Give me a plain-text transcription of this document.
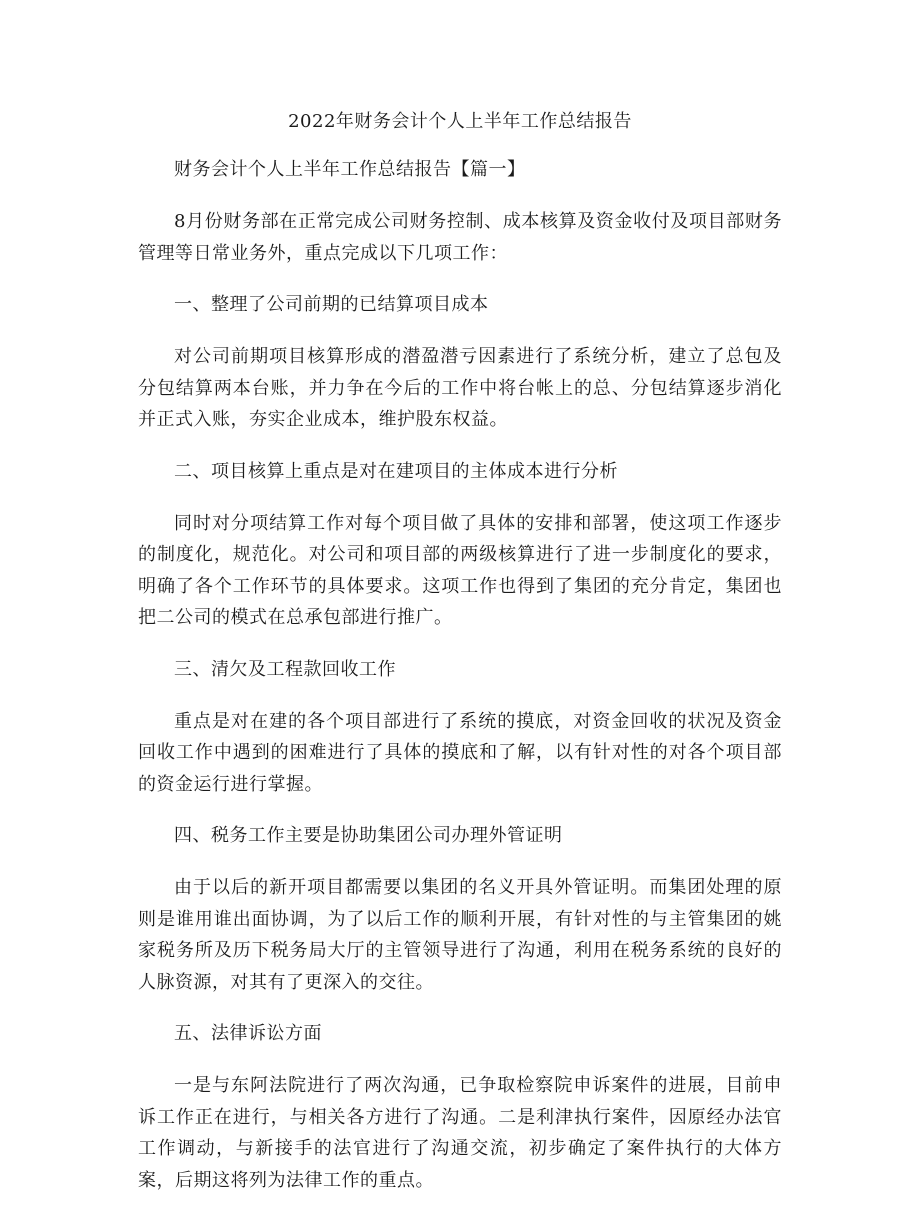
2022年财务会计个人上半年工作总结报告
财务会计个人上半年工作总结报告【篇一】
8月份财务部在正常完成公司财务控制、成本核算及资金收付及项目部财务管理等日常业务外，重点完成以下几项工作：
一、整理了公司前期的已结算项目成本
对公司前期项目核算形成的潜盈潜亏因素进行了系统分析，建立了总包及分包结算两本台账，并力争在今后的工作中将台帐上的总、分包结算逐步消化并正式入账，夯实企业成本，维护股东权益。
二、项目核算上重点是对在建项目的主体成本进行分析
同时对分项结算工作对每个项目做了具体的安排和部署，使这项工作逐步的制度化，规范化。对公司和项目部的两级核算进行了进一步制度化的要求，明确了各个工作环节的具体要求。这项工作也得到了集团的充分肯定，集团也把二公司的模式在总承包部进行推广。
三、清欠及工程款回收工作
重点是对在建的各个项目部进行了系统的摸底，对资金回收的状况及资金回收工作中遇到的困难进行了具体的摸底和了解，以有针对性的对各个项目部的资金运行进行掌握。
四、税务工作主要是协助集团公司办理外管证明
由于以后的新开项目都需要以集团的名义开具外管证明。而集团处理的原则是谁用谁出面协调，为了以后工作的顺利开展，有针对性的与主管集团的姚家税务所及历下税务局大厅的主管领导进行了沟通，利用在税务系统的良好的人脉资源，对其有了更深入的交往。
五、法律诉讼方面
一是与东阿法院进行了两次沟通，已争取检察院申诉案件的进展，目前申诉工作正在进行，与相关各方进行了沟通。二是利津执行案件，因原经办法官工作调动，与新接手的法官进行了沟通交流，初步确定了案件执行的大体方案，后期这将列为法律工作的重点。
